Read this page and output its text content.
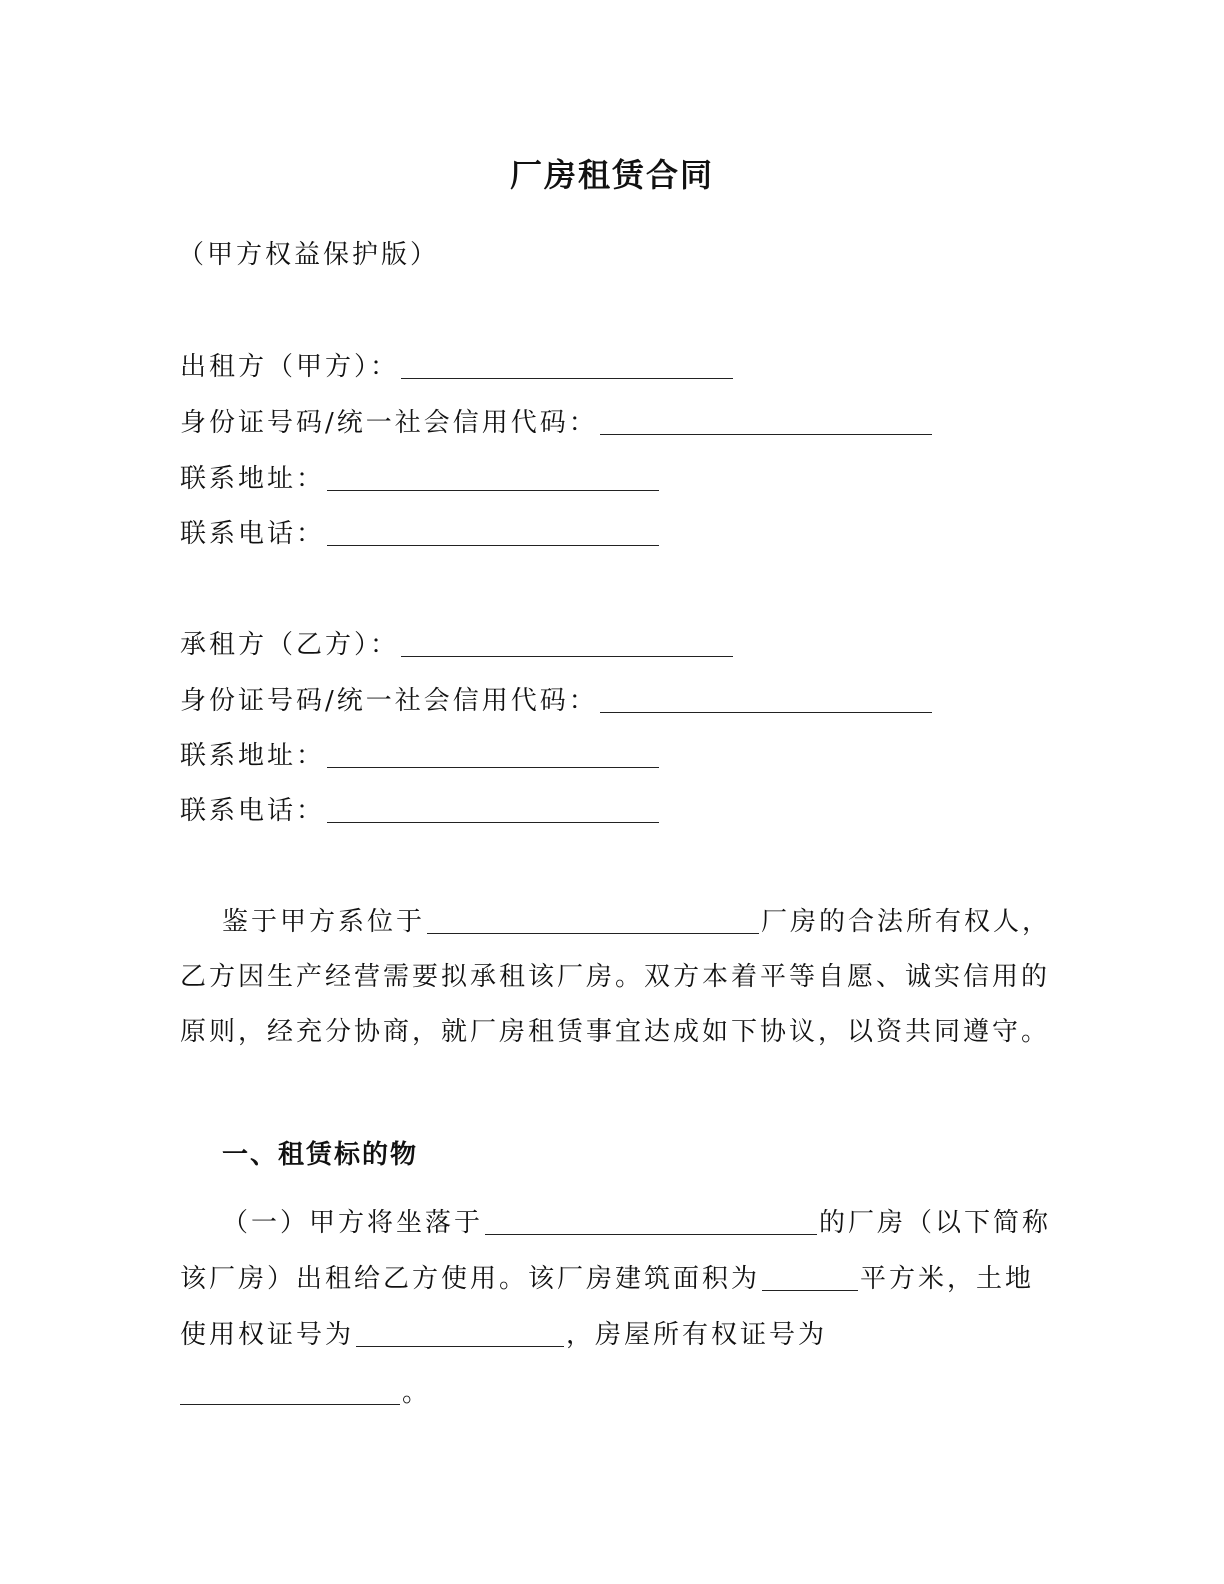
厂房租赁合同
（甲方权益保护版）
出租方（甲方）：
身份证号码/统一社会信用代码：
联系地址：
联系电话：
承租方（乙方）：
身份证号码/统一社会信用代码：
联系地址：
联系电话：
鉴于甲方系位于	厂房的合法所有权人，
乙方因生产经营需要拟承租该厂房。双方本着平等自愿、诚实信用的
原则，经充分协商，就厂房租赁事宜达成如下协议，以资共同遵守。
一、租赁标的物
（一）甲方将坐落于	的厂房（以下简称
该厂房）出租给乙方使用。该厂房建筑面积为	平方米，土地
使用权证号为	，房屋所有权证号为
。
